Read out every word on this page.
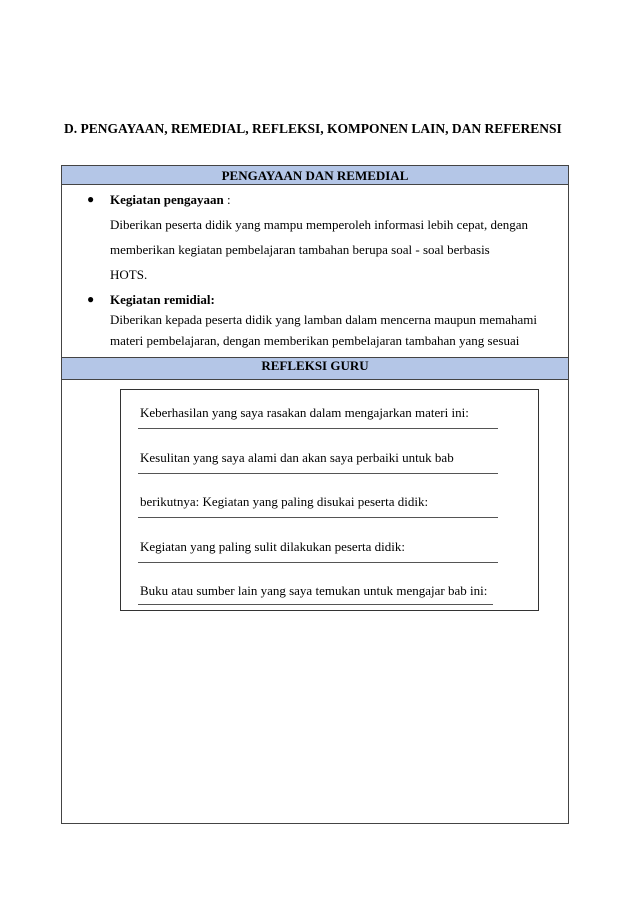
D. PENGAYAAN, REMEDIAL, REFLEKSI, KOMPONEN LAIN, DAN REFERENSI
PENGAYAAN DAN REMEDIAL
● Kegiatan pengayaan :
Diberikan peserta didik yang mampu memperoleh informasi lebih cepat, dengan
memberikan kegiatan pembelajaran tambahan berupa soal - soal berbasis
HOTS.
● Kegiatan remidial:
Diberikan kepada peserta didik yang lamban dalam mencerna maupun memahami
materi pembelajaran, dengan memberikan pembelajaran tambahan yang sesuai
REFLEKSI GURU
Keberhasilan yang saya rasakan dalam mengajarkan materi ini:
Kesulitan yang saya alami dan akan saya perbaiki untuk bab
berikutnya: Kegiatan yang paling disukai peserta didik:
Kegiatan yang paling sulit dilakukan peserta didik:
Buku atau sumber lain yang saya temukan untuk mengajar bab ini:
